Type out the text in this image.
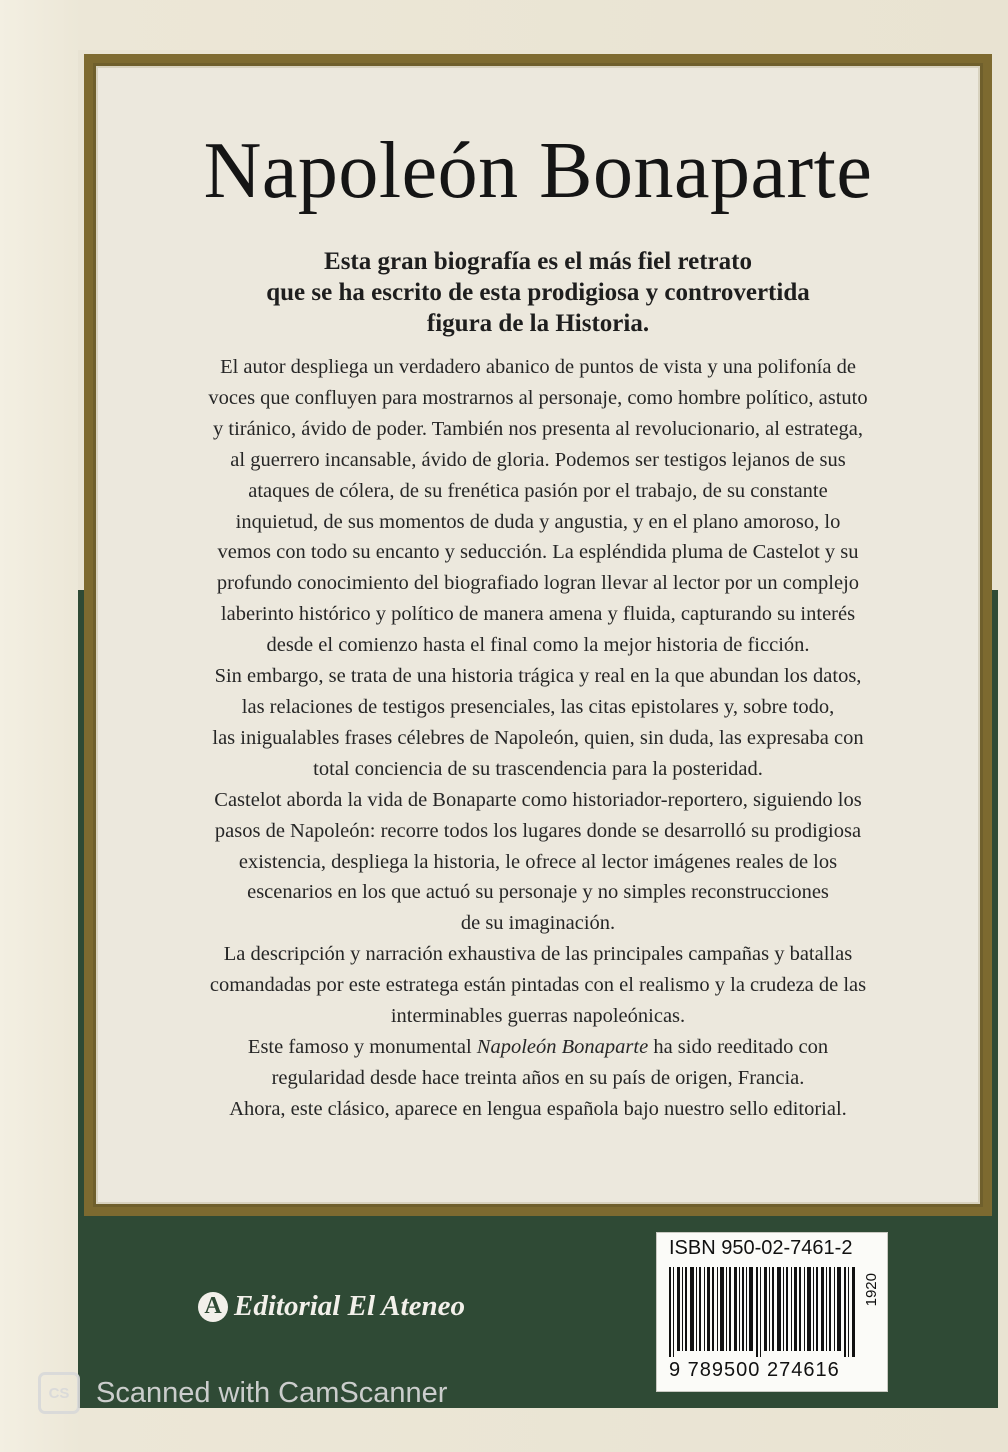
Napoleón Bonaparte

Esta gran biografía es el más fiel retrato
que se ha escrito de esta prodigiosa y controvertida
figura de la Historia.

El autor despliega un verdadero abanico de puntos de vista y una polifonía de
voces que confluyen para mostrarnos al personaje, como hombre político, astuto
y tiránico, ávido de poder. También nos presenta al revolucionario, al estratega,
al guerrero incansable, ávido de gloria. Podemos ser testigos lejanos de sus
ataques de cólera, de su frenética pasión por el trabajo, de su constante
inquietud, de sus momentos de duda y angustia, y en el plano amoroso, lo
vemos con todo su encanto y seducción. La espléndida pluma de Castelot y su
profundo conocimiento del biografiado logran llevar al lector por un complejo
laberinto histórico y político de manera amena y fluida, capturando su interés
desde el comienzo hasta el final como la mejor historia de ficción.
Sin embargo, se trata de una historia trágica y real en la que abundan los datos,
las relaciones de testigos presenciales, las citas epistolares y, sobre todo,
las inigualables frases célebres de Napoleón, quien, sin duda, las expresaba con
total conciencia de su trascendencia para la posteridad.
Castelot aborda la vida de Bonaparte como historiador-reportero, siguiendo los
pasos de Napoleón: recorre todos los lugares donde se desarrolló su prodigiosa
existencia, despliega la historia, le ofrece al lector imágenes reales de los
escenarios en los que actuó su personaje y no simples reconstrucciones
de su imaginación.
La descripción y narración exhaustiva de las principales campañas y batallas
comandadas por este estratega están pintadas con el realismo y la crudeza de las
interminables guerras napoleónicas.
Este famoso y monumental Napoleón Bonaparte ha sido reeditado con
regularidad desde hace treinta años en su país de origen, Francia.
Ahora, este clásico, aparece en lengua española bajo nuestro sello editorial.

A Editorial El Ateneo
ISBN 950-02-7461-2
9 789500 274616
1920
CS Scanned with CamScanner
